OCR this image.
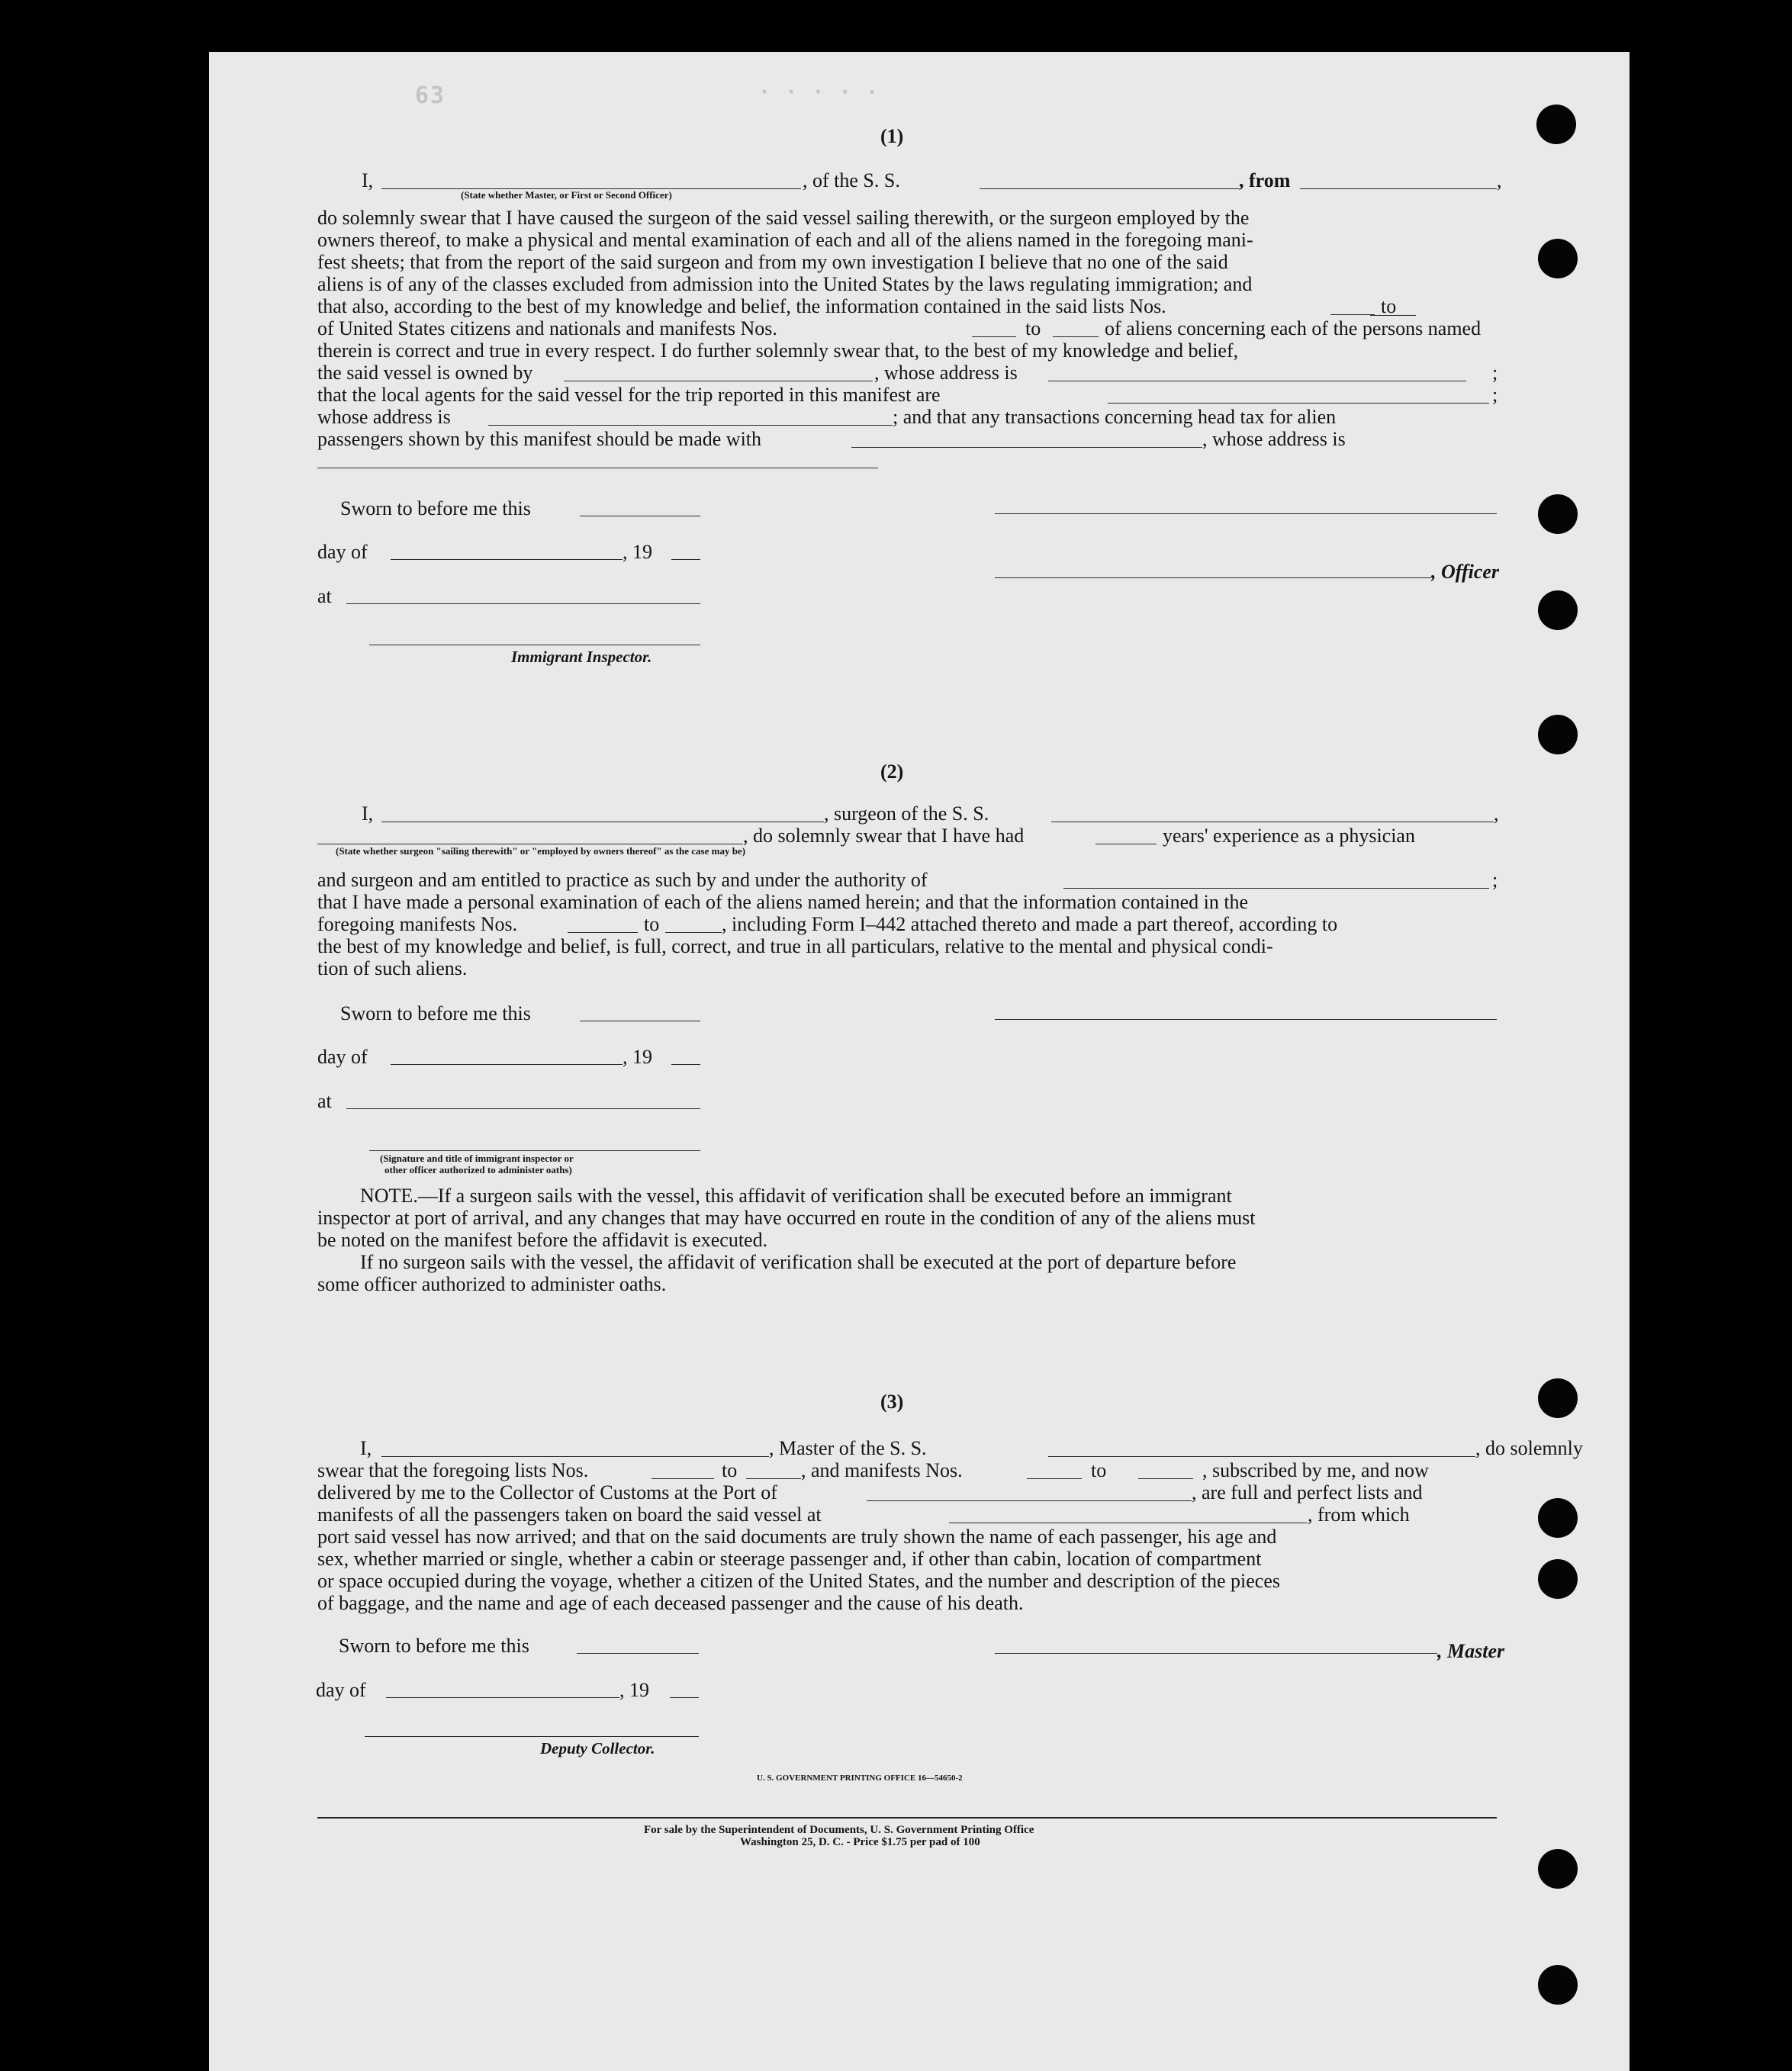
63	· · · · ·
(1)
I,	, of the S. S.	, from	,
(State whether Master, or First or Second Officer)
do solemnly swear that I have caused the surgeon of the said vessel sailing therewith, or the surgeon employed by the
owners thereof, to make a physical and mental examination of each and all of the aliens named in the foregoing mani-
fest sheets; that from the report of the said surgeon and from my own investigation I believe that no one of the said
aliens is of any of the classes excluded from admission into the United States by the laws regulating immigration; and
that also, according to the best of my knowledge and belief, the information contained in the said lists Nos.	to
of United States citizens and nationals and manifests Nos.	to	of aliens concerning each of the persons named
therein is correct and true in every respect. I do further solemnly swear that, to the best of my knowledge and belief,
the said vessel is owned by	, whose address is	;
that the local agents for the said vessel for the trip reported in this manifest are	;
whose address is	; and that any transactions concerning head tax for alien
passengers shown by this manifest should be made with	, whose address is
Sworn to before me this
day of	, 19
, Officer
at
Immigrant Inspector.
(2)
I,	, surgeon of the S. S.	,
, do solemnly swear that I have had	years' experience as a physician
(State whether surgeon "sailing therewith" or "employed by owners thereof" as the case may be)
and surgeon and am entitled to practice as such by and under the authority of	;
that I have made a personal examination of each of the aliens named herein; and that the information contained in the
foregoing manifests Nos.	to	, including Form I–442 attached thereto and made a part thereof, according to
the best of my knowledge and belief, is full, correct, and true in all particulars, relative to the mental and physical condi-
tion of such aliens.
Sworn to before me this
day of	, 19
at
(Signature and title of immigrant inspector or
other officer authorized to administer oaths)
NOTE.—If a surgeon sails with the vessel, this affidavit of verification shall be executed before an immigrant
inspector at port of arrival, and any changes that may have occurred en route in the condition of any of the aliens must
be noted on the manifest before the affidavit is executed.
If no surgeon sails with the vessel, the affidavit of verification shall be executed at the port of departure before
some officer authorized to administer oaths.
(3)
I,	, Master of the S. S.	, do solemnly
swear that the foregoing lists Nos.	to	, and manifests Nos.	to	, subscribed by me, and now
delivered by me to the Collector of Customs at the Port of	, are full and perfect lists and
manifests of all the passengers taken on board the said vessel at	, from which
port said vessel has now arrived; and that on the said documents are truly shown the name of each passenger, his age and
sex, whether married or single, whether a cabin or steerage passenger and, if other than cabin, location of compartment
or space occupied during the voyage, whether a citizen of the United States, and the number and description of the pieces
of baggage, and the name and age of each deceased passenger and the cause of his death.
Sworn to before me this	, Master
day of	, 19
Deputy Collector.
U. S. GOVERNMENT PRINTING OFFICE 16—54650-2
For sale by the Superintendent of Documents, U. S. Government Printing Office
Washington 25, D. C. - Price $1.75 per pad of 100
